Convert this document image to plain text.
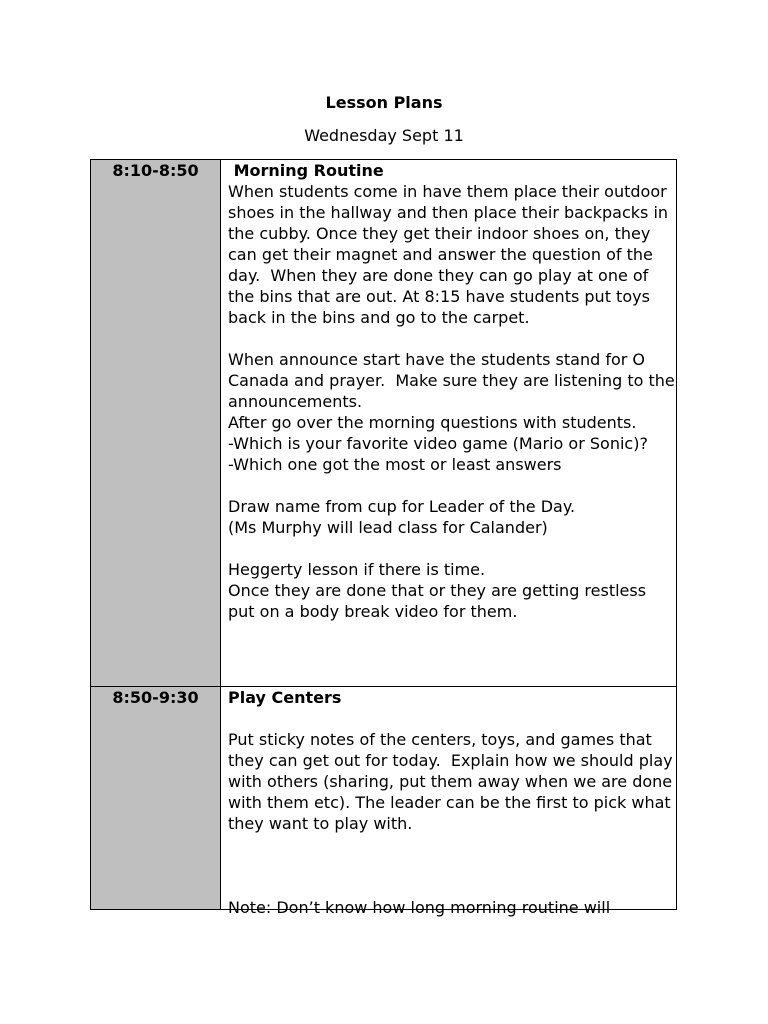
Lesson Plans
Wednesday Sept 11
8:10-8:50	Morning Routine

When students come in have them place their outdoor shoes in the hallway and then place their backpacks in the cubby. Once they get their indoor shoes on, they can get their magnet and answer the question of the day.  When they are done they can go play at one of the bins that are out. At 8:15 have students put toys back in the bins and go to the carpet.

When announce start have the students stand for O Canada and prayer.  Make sure they are listening to the announcements.
After go over the morning questions with students.
-Which is your favorite video game (Mario or Sonic)?
-Which one got the most or least answers

Draw name from cup for Leader of the Day.
(Ms Murphy will lead class for Calander)

Heggerty lesson if there is time.
Once they are done that or they are getting restless put on a body break video for them.

8:50-9:30	Play Centers

Put sticky notes of the centers, toys, and games that they can get out for today.  Explain how we should play with others (sharing, put them away when we are done with them etc). The leader can be the first to pick what they want to play with.

Note: Don’t know how long morning routine will
